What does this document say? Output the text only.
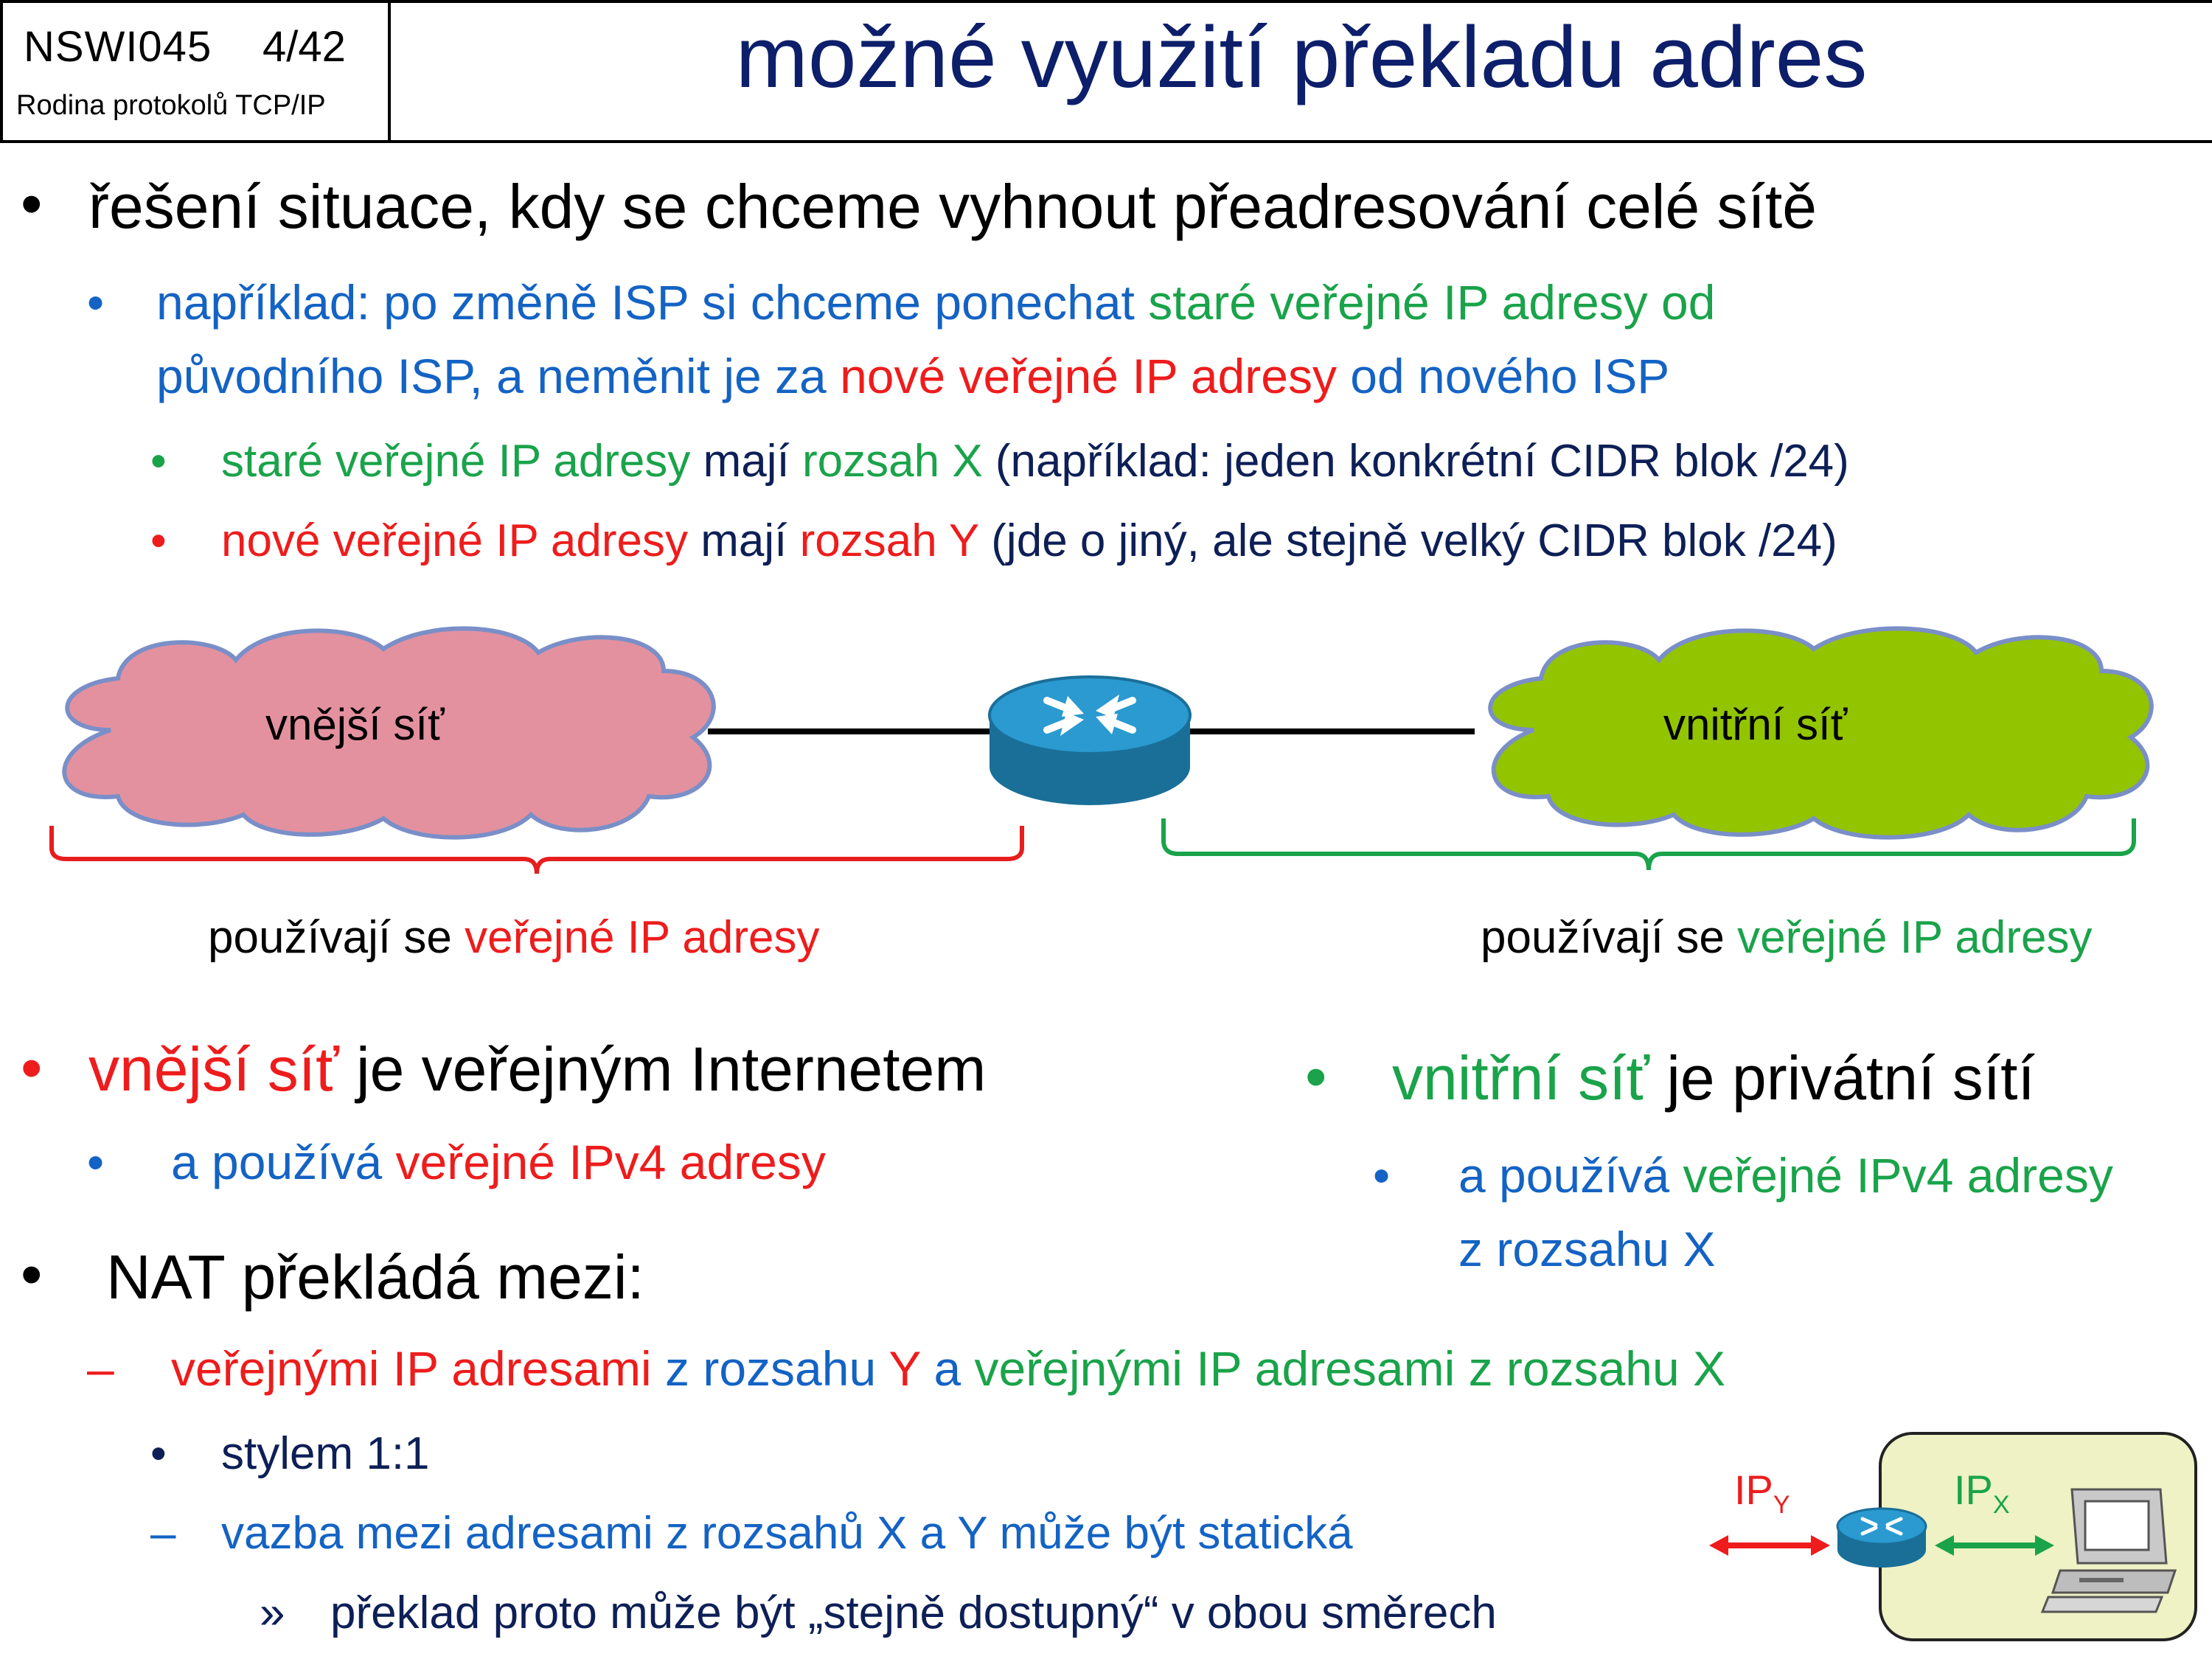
NSWI045 4/42
Rodina protokolů TCP/IP	možné využití překladu adres
• řešení situace, kdy se chceme vyhnout přeadresování celé sítě
• například: po změně ISP si chceme ponechat staré veřejné IP adresy od
původního ISP, a neměnit je za nové veřejné IP adresy od nového ISP
• staré veřejné IP adresy mají rozsah X (například: jeden konkrétní CIDR blok /24)
• nové veřejné IP adresy mají rozsah Y (jde o jiný, ale stejně velký CIDR blok /24)
vnější síť	vnitřní síť
používají se veřejné IP adresy	používají se veřejné IP adresy
• vnější síť je veřejným Internetem
• a používá veřejné IPv4 adresy
• vnitřní síť je privátní sítí
• a používá veřejné IPv4 adresy
z rozsahu X
• NAT překládá mezi:
– veřejnými IP adresami z rozsahu Y a veřejnými IP adresami z rozsahu X
• stylem 1:1
– vazba mezi adresami z rozsahů X a Y může být statická
» překlad proto může být „stejně dostupný“ v obou směrech
$IP_Y$	$IP_X$
